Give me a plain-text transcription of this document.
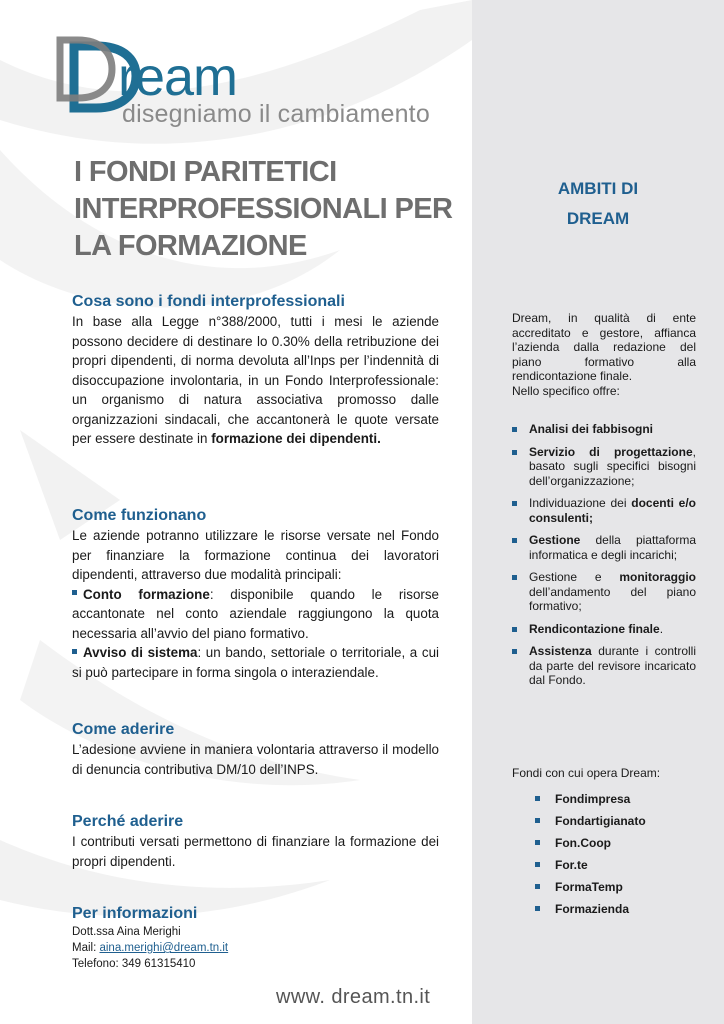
ream
disegniamo il cambiamento
I FONDI PARITETICI
INTERPROFESSIONALI PER
LA FORMAZIONE
Cosa sono i fondi interprofessionali

In base alla Legge n°388/2000, tutti i mesi le aziende possono decidere di destinare lo 0.30% della retribuzione dei propri dipendenti, di norma devoluta all’Inps per l’indennità di disoccupazione involontaria, in un Fondo Interprofessionale: un organismo di natura associativa promosso dalle organizzazioni sindacali, che accantonerà le quote versate per essere destinate in formazione dei dipendenti.

Come funzionano

Le aziende potranno utilizzare le risorse versate nel Fondo per finanziare la formazione continua dei lavoratori dipendenti, attraverso due modalità principali:

Conto formazione: disponibile quando le risorse accantonate nel conto aziendale raggiungono la quota necessaria all’avvio del piano formativo.

Avviso di sistema: un bando, settoriale o territoriale, a cui si può partecipare in forma singola o interaziendale.

Come aderire

L’adesione avviene in maniera volontaria attraverso il modello di denuncia contributiva DM/10 dell’INPS.

Perché aderire

I contributi versati permettono di finanziare la formazione dei propri dipendenti.

Per informazioni
Dott.ssa Aina Merighi
Mail: aina.merighi@dream.tn.it
Telefono: 349 61315410
www. dream.tn.it
AMBITI DI
DREAM
Dream, in qualità di ente accreditato e gestore, affianca l’azienda dalla redazione del piano formativo alla rendicontazione finale.
Nello specifico offre:
Analisi dei fabbisogni
Servizio di progettazione, basato sugli specifici bisogni dell’organizzazione;
Individuazione dei docenti e/o consulenti;
Gestione della piattaforma informatica e degli incarichi;
Gestione e monitoraggio dell’andamento del piano formativo;
Rendicontazione finale.
Assistenza durante i controlli da parte del revisore incaricato dal Fondo.
Fondi con cui opera Dream:
Fondimpresa
Fondartigianato
Fon.Coop
For.te
FormaTemp
Formazienda
